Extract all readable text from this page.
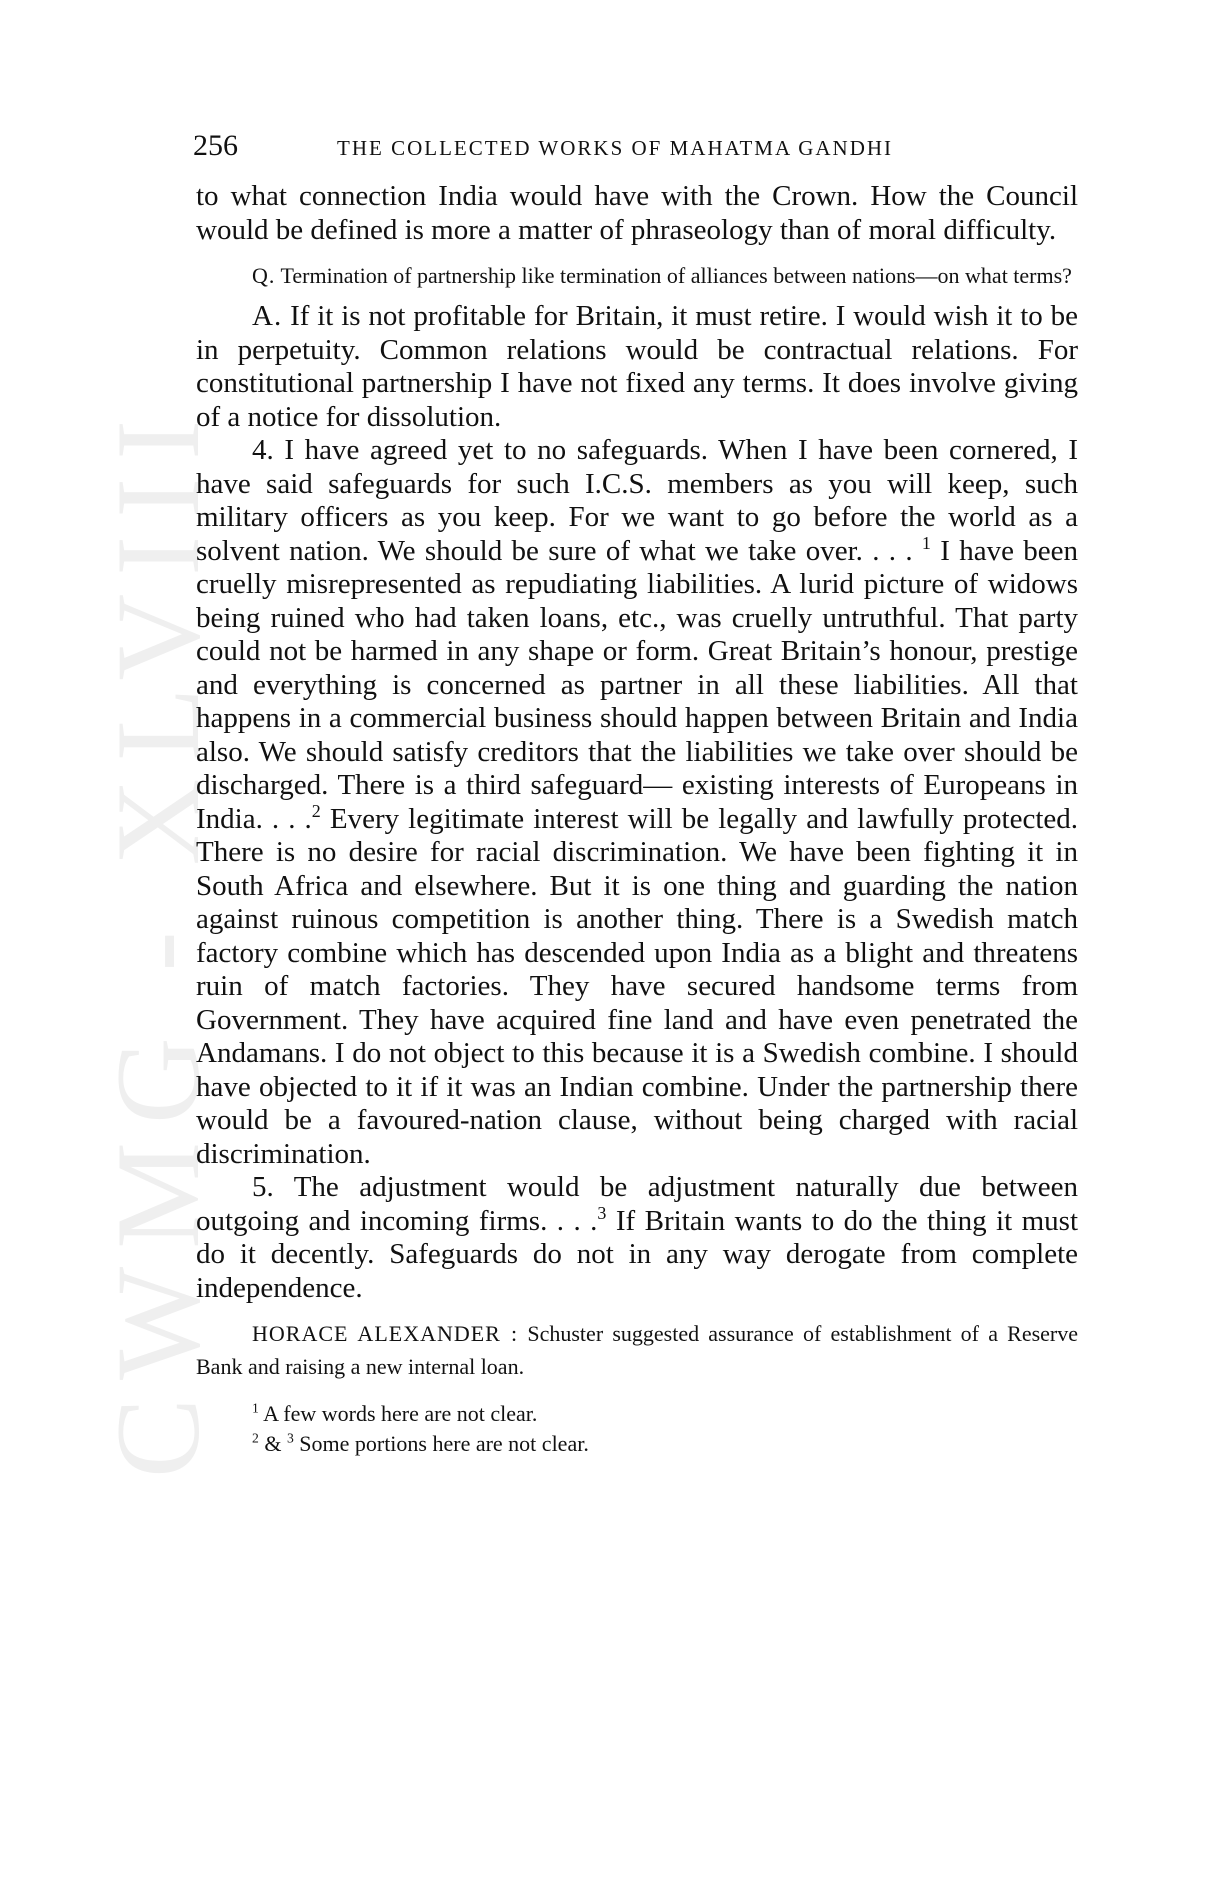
CWMG - XLVIII
256	THE COLLECTED WORKS OF MAHATMA GANDHI

to what connection India would have with the Crown. How the Council would be defined is more a matter of phraseology than of moral difficulty.

Q. Termination of partnership like termination of alliances between nations—on what terms?

A. If it is not profitable for Britain, it must retire. I would wish it to be in perpetuity. Common relations would be contractual relations. For constitutional partnership I have not fixed any terms. It does involve giving of a notice for dissolution.

4. I have agreed yet to no safeguards. When I have been cornered, I have said safeguards for such I.C.S. members as you will keep, such military officers as you keep. For we want to go before the world as a solvent nation. We should be sure of what we take over. . . . $^1$ I have been cruelly misrepresented as repudiating liabilities. A lurid picture of widows being ruined who had taken loans, etc., was cruelly untruthful. That party could not be harmed in any shape or form. Great Britain’s honour, prestige and everything is concerned as partner in all these liabilities. All that happens in a commercial business should happen between Britain and India also. We should satisfy creditors that the liabilities we take over should be discharged. There is a third safeguard— existing interests of Europeans in India. . . .$^2$ Every legitimate interest will be legally and lawfully protected. There is no desire for racial discrimination. We have been fighting it in South Africa and elsewhere. But it is one thing and guarding the nation against ruinous competition is another thing. There is a Swedish match factory combine which has descended upon India as a blight and threatens ruin of match factories. They have secured handsome terms from Government. They have acquired fine land and have even penetrated the Andamans. I do not object to this because it is a Swedish combine. I should have objected to it if it was an Indian combine. Under the partnership there would be a favoured-nation clause, without being charged with racial discrimination.

5. The adjustment would be adjustment naturally due between outgoing and incoming firms. . . .$^3$ If Britain wants to do the thing it must do it decently. Safeguards do not in any way derogate from complete independence.

HORACE ALEXANDER : Schuster suggested assurance of establishment of a Reserve Bank and raising a new internal loan.

$^1$ A few words here are not clear.

$^2$ & $^3$ Some portions here are not clear.
